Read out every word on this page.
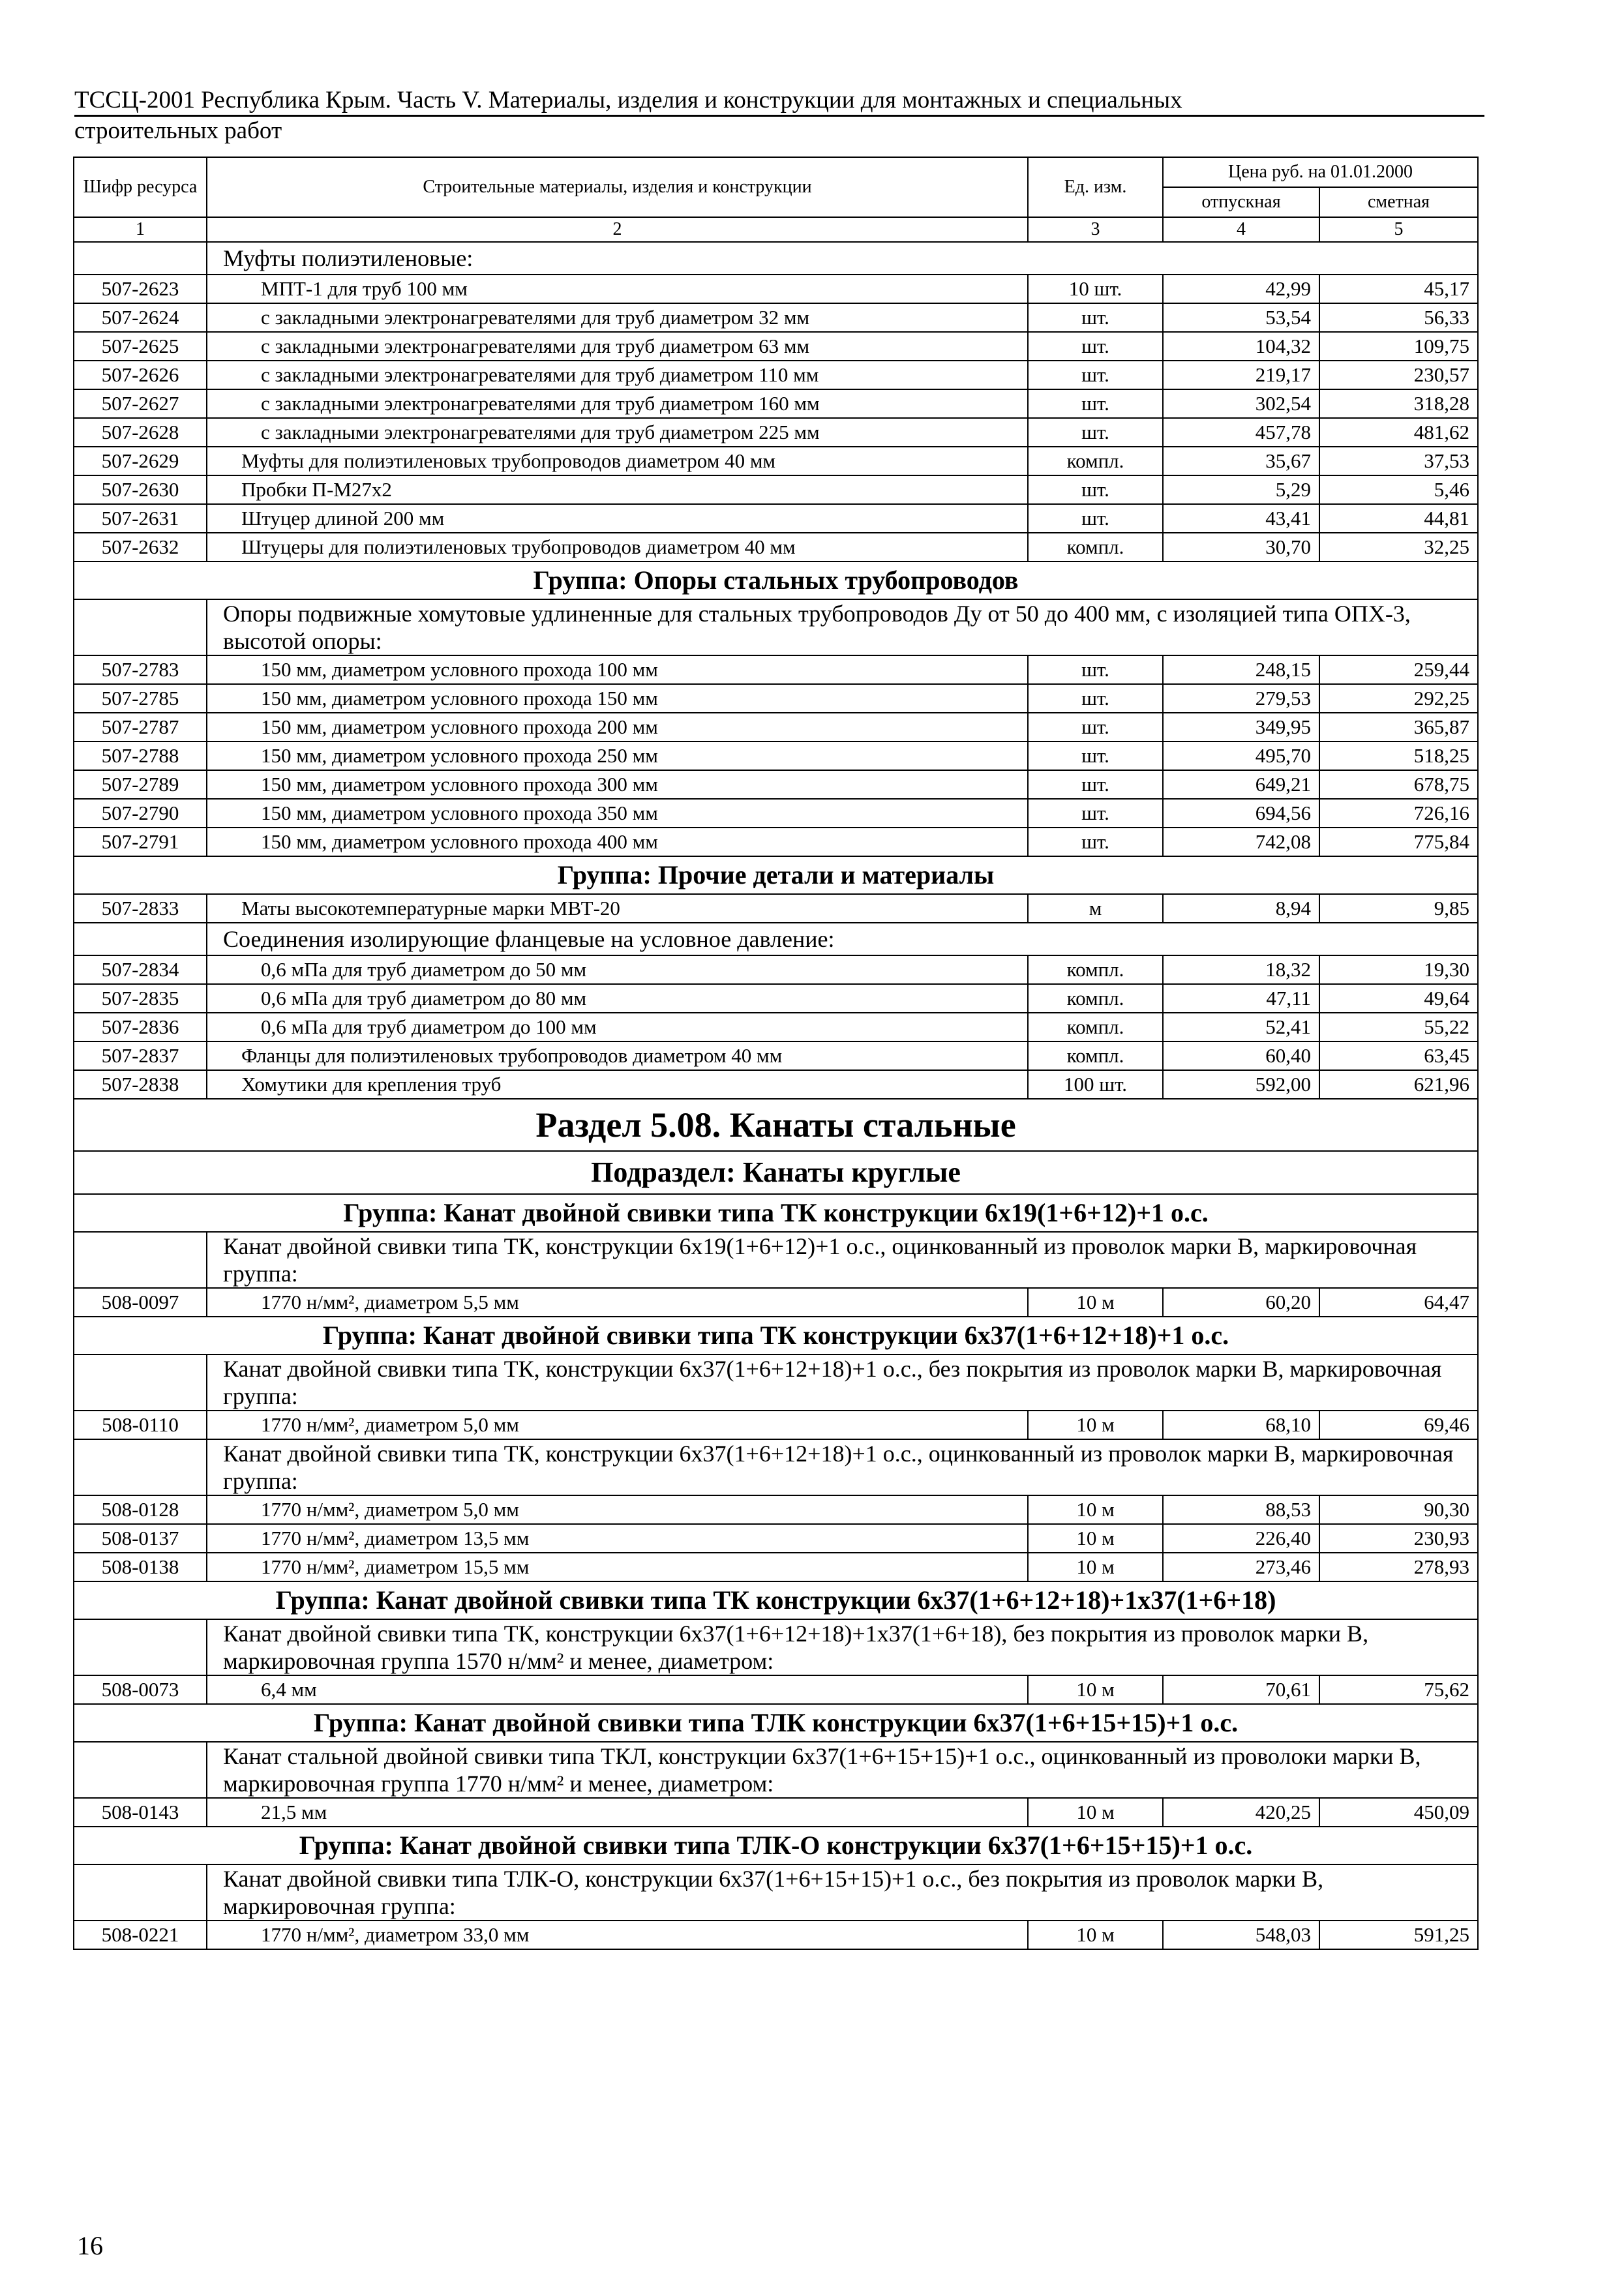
ТССЦ-2001 Республика Крым. Часть V. Материалы, изделия и конструкции для монтажных и специальных
строительных работ
Шифр ресурса	Строительные материалы, изделия и конструкции	Ед. изм.	Цена руб. на 01.01.2000	
			отпускная	сметная
1	2	3	4	5
	Муфты полиэтиленовые:			
507-2623	МПТ-1 для труб 100 мм	10 шт.	42,99	45,17
507-2624	с закладными электронагревателями для труб диаметром 32 мм	шт.	53,54	56,33
507-2625	с закладными электронагревателями для труб диаметром 63 мм	шт.	104,32	109,75
507-2626	с закладными электронагревателями для труб диаметром 110 мм	шт.	219,17	230,57
507-2627	с закладными электронагревателями для труб диаметром 160 мм	шт.	302,54	318,28
507-2628	с закладными электронагревателями для труб диаметром 225 мм	шт.	457,78	481,62
507-2629	Муфты для полиэтиленовых трубопроводов диаметром 40 мм	компл.	35,67	37,53
507-2630	Пробки П-М27х2	шт.	5,29	5,46
507-2631	Штуцер длиной 200 мм	шт.	43,41	44,81
507-2632	Штуцеры для полиэтиленовых трубопроводов диаметром 40 мм	компл.	30,70	32,25
Группа: Опоры стальных трубопроводов				
	Опоры подвижные хомутовые удлиненные для стальных трубопроводов Ду от 50 до 400 мм, с изоляцией типа ОПХ-3, высотой опоры:			
507-2783	150 мм, диаметром условного прохода 100 мм	шт.	248,15	259,44
507-2785	150 мм, диаметром условного прохода 150 мм	шт.	279,53	292,25
507-2787	150 мм, диаметром условного прохода 200 мм	шт.	349,95	365,87
507-2788	150 мм, диаметром условного прохода 250 мм	шт.	495,70	518,25
507-2789	150 мм, диаметром условного прохода 300 мм	шт.	649,21	678,75
507-2790	150 мм, диаметром условного прохода 350 мм	шт.	694,56	726,16
507-2791	150 мм, диаметром условного прохода 400 мм	шт.	742,08	775,84
Группа: Прочие детали и материалы				
507-2833	Маты высокотемпературные марки МВТ-20	м	8,94	9,85
	Соединения изолирующие фланцевые на условное давление:			
507-2834	0,6 мПа для труб диаметром до 50 мм	компл.	18,32	19,30
507-2835	0,6 мПа для труб диаметром до 80 мм	компл.	47,11	49,64
507-2836	0,6 мПа для труб диаметром до 100 мм	компл.	52,41	55,22
507-2837	Фланцы для полиэтиленовых трубопроводов диаметром 40 мм	компл.	60,40	63,45
507-2838	Хомутики для крепления труб	100 шт.	592,00	621,96
Раздел 5.08. Канаты стальные				
Подраздел: Канаты круглые				
Группа: Канат двойной свивки типа ТК конструкции 6х19(1+6+12)+1 о.с.				
	Канат двойной свивки типа ТК, конструкции 6х19(1+6+12)+1 о.с., оцинкованный из проволок марки В, маркировочная группа:			
508-0097	1770 н/мм², диаметром 5,5 мм	10 м	60,20	64,47
Группа: Канат двойной свивки типа ТК конструкции 6х37(1+6+12+18)+1 о.с.				
	Канат двойной свивки типа ТК, конструкции 6х37(1+6+12+18)+1 о.с., без покрытия из проволок марки В, маркировочная группа:			
508-0110	1770 н/мм², диаметром 5,0 мм	10 м	68,10	69,46
	Канат двойной свивки типа ТК, конструкции 6х37(1+6+12+18)+1 о.с., оцинкованный из проволок марки В, маркировочная группа:			
508-0128	1770 н/мм², диаметром 5,0 мм	10 м	88,53	90,30
508-0137	1770 н/мм², диаметром 13,5 мм	10 м	226,40	230,93
508-0138	1770 н/мм², диаметром 15,5 мм	10 м	273,46	278,93
Группа: Канат двойной свивки типа ТК конструкции 6х37(1+6+12+18)+1х37(1+6+18)				
	Канат двойной свивки типа ТК, конструкции 6х37(1+6+12+18)+1х37(1+6+18), без покрытия из проволок марки В, маркировочная группа 1570 н/мм² и менее, диаметром:			
508-0073	6,4 мм	10 м	70,61	75,62
Группа: Канат двойной свивки типа ТЛК конструкции 6х37(1+6+15+15)+1 о.с.				
	Канат стальной двойной свивки типа ТКЛ, конструкции 6х37(1+6+15+15)+1 о.с., оцинкованный из проволоки марки В, маркировочная группа 1770 н/мм² и менее, диаметром:			
508-0143	21,5 мм	10 м	420,25	450,09
Группа: Канат двойной свивки типа ТЛК-О конструкции 6х37(1+6+15+15)+1 о.с.				
	Канат двойной свивки типа ТЛК-О, конструкции 6х37(1+6+15+15)+1 о.с., без покрытия из проволок марки В, маркировочная группа:			
508-0221	1770 н/мм², диаметром 33,0 мм	10 м	548,03	591,25
16
